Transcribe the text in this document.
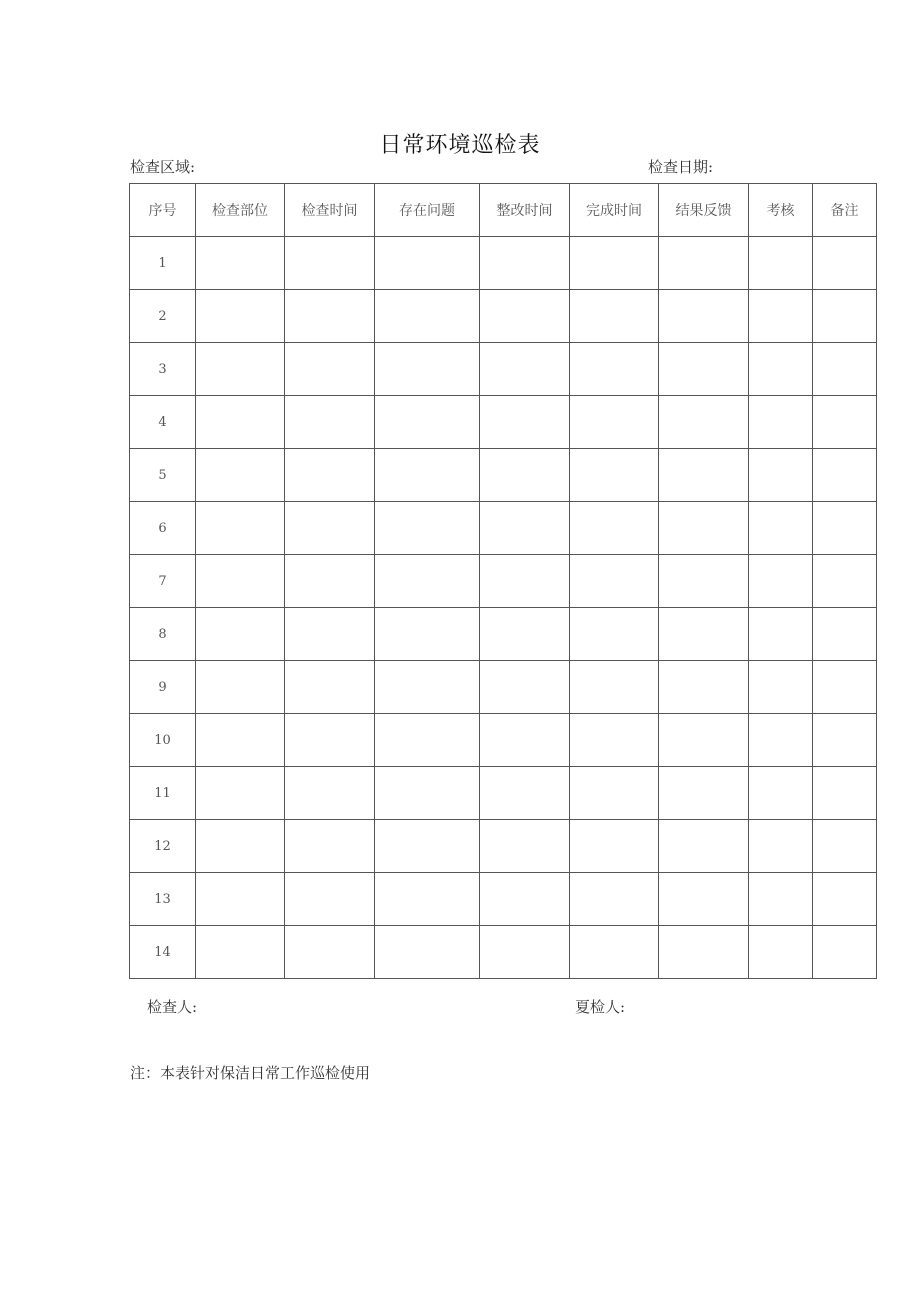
日常环境巡检表
检查区域:	检查日期:
序号	检查部位	检查时间	存在问题	整改时间	完成时间	结果反馈	考核	备注
1								
2								
3								
4								
5								
6								
7								
8								
9								
10								
11								
12								
13								
14								
检查人:	夏检人:
注：本表针对保洁日常工作巡检使用
